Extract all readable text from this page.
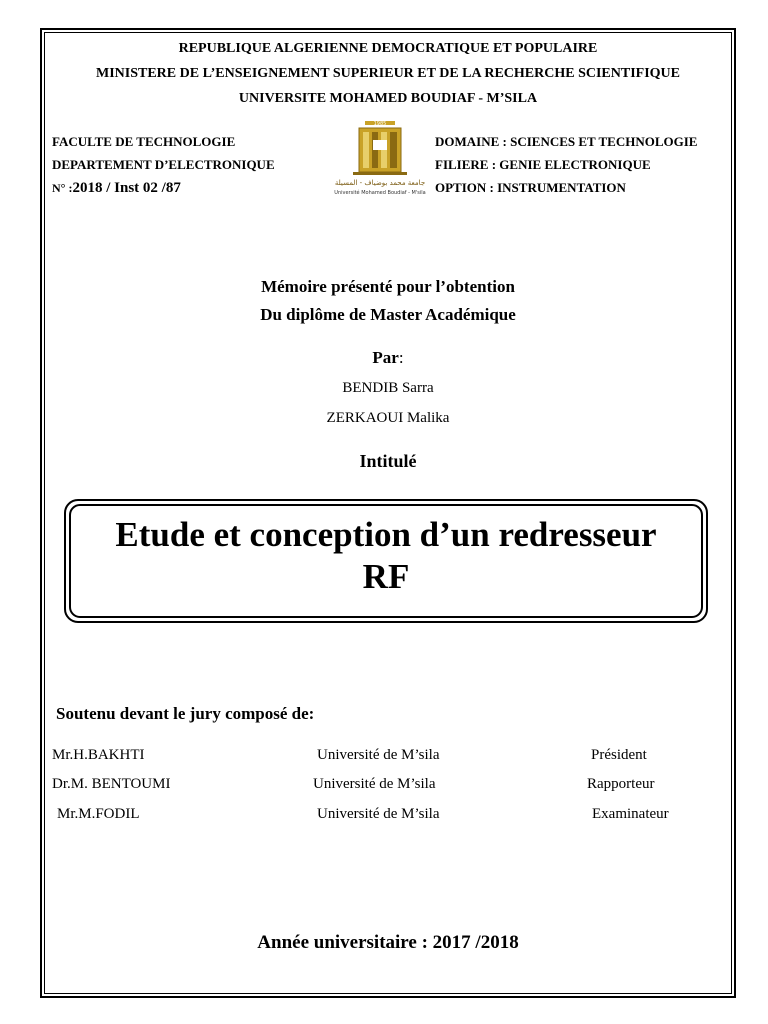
REPUBLIQUE ALGERIENNE DEMOCRATIQUE ET POPULAIRE
MINISTERE DE L’ENSEIGNEMENT SUPERIEUR ET DE LA RECHERCHE SCIENTIFIQUE
UNIVERSITE MOHAMED BOUDIAF - M’SILA
FACULTE DE TECHNOLOGIE
DEPARTEMENT D’ELECTRONIQUE
N° :2018 / Inst 02 /87
1985
جامعة محمد بوضياف - المسيلة
Université Mohamed Boudiaf - M'sila
DOMAINE : SCIENCES ET TECHNOLOGIE
FILIERE : GENIE ELECTRONIQUE
OPTION : INSTRUMENTATION
Mémoire présenté pour l’obtention
Du diplôme de Master Académique
Par:
BENDIB Sarra
ZERKAOUI Malika
Intitulé
Etude et conception d’un redresseur
RF
Soutenu devant le jury composé de:
Mr.H.BAKHTI	Université de M’sila	Président
Dr.M. BENTOUMI	Université de M’sila	Rapporteur
Mr.M.FODIL	Université de M’sila	Examinateur
Année universitaire : 2017 /2018
